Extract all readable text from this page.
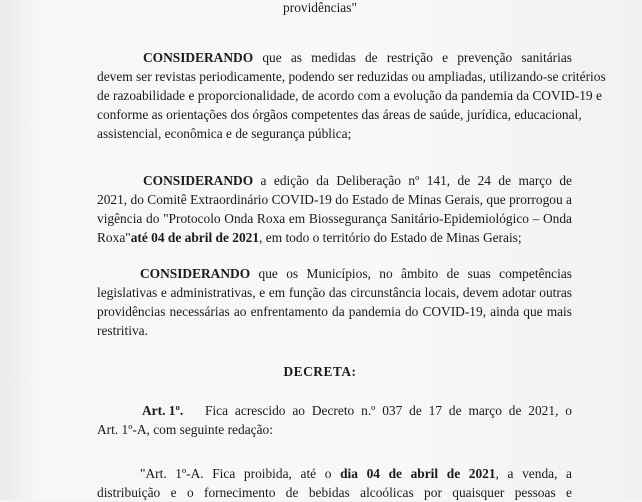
providências"
CONSIDERANDO que as medidas de restrição e prevenção sanitárias
devem ser revistas periodicamente, podendo ser reduzidas ou ampliadas, utilizando-se critérios
de razoabilidade e proporcionalidade, de acordo com a evolução da pandemia da COVID-19 e
conforme as orientações dos órgãos competentes das áreas de saúde, jurídica, educacional,
assistencial, econômica e de segurança pública;
CONSIDERANDO a edição da Deliberação nº 141, de 24 de março de
2021, do Comitê Extraordinário COVID-19 do Estado de Minas Gerais, que prorrogou a
vigência do "Protocolo Onda Roxa em Biossegurança Sanitário-Epidemiológico – Onda
Roxa"até 04 de abril de 2021, em todo o território do Estado de Minas Gerais;
CONSIDERANDO que os Municípios, no âmbito de suas competências
legislativas e administrativas, e em função das circunstância locais, devem adotar outras
providências necessárias ao enfrentamento da pandemia do COVID-19, ainda que mais
restritiva.
DECRETA:
Art. 1º.	Fica acrescido ao Decreto n.º 037 de 17 de março de 2021, o
Art. 1º-A, com seguinte redação:
"Art. 1º-A. Fica proibida, até o dia 04 de abril de 2021, a venda, a
distribuição e o fornecimento de bebidas alcoólicas por quaisquer pessoas e
